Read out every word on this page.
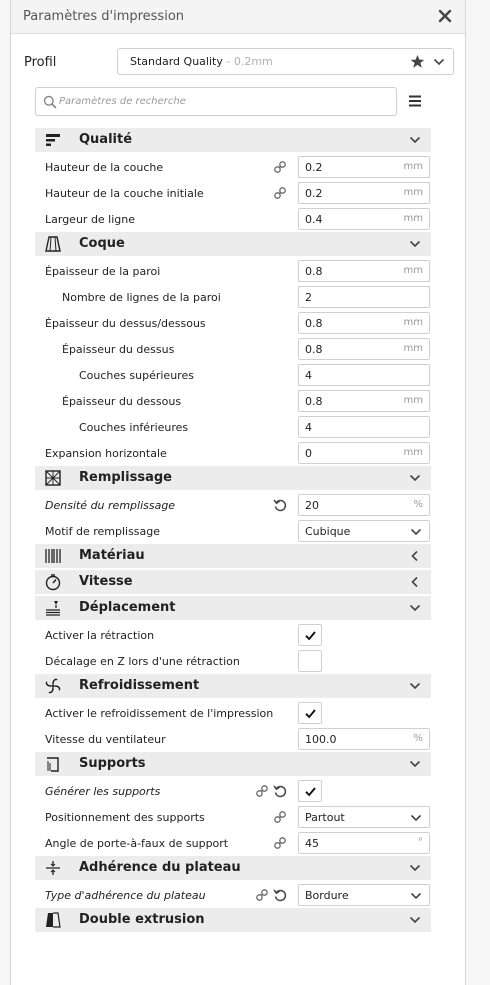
Paramètres d'impression
Profil	Standard Quality - 0.2mm
Paramètres de recherche
Qualité
Hauteur de la couche	0.2	mm
Hauteur de la couche initiale	0.2	mm
Largeur de ligne	0.4	mm
Coque
Épaisseur de la paroi	0.8	mm
Nombre de lignes de la paroi	2
Épaisseur du dessus/dessous	0.8	mm
Épaisseur du dessus	0.8	mm
Couches supérieures	4
Épaisseur du dessous	0.8	mm
Couches inférieures	4
Expansion horizontale	0	mm
Remplissage
Densité du remplissage	20	%
Motif de remplissage	Cubique
Matériau
Vitesse
Déplacement
Activer la rétraction
Décalage en Z lors d'une rétraction
Refroidissement
Activer le refroidissement de l'impression
Vitesse du ventilateur	100.0	%
Supports
Générer les supports
Positionnement des supports	Partout
Angle de porte-à-faux de support	45	°
Adhérence du plateau
Type d'adhérence du plateau	Bordure
Double extrusion
